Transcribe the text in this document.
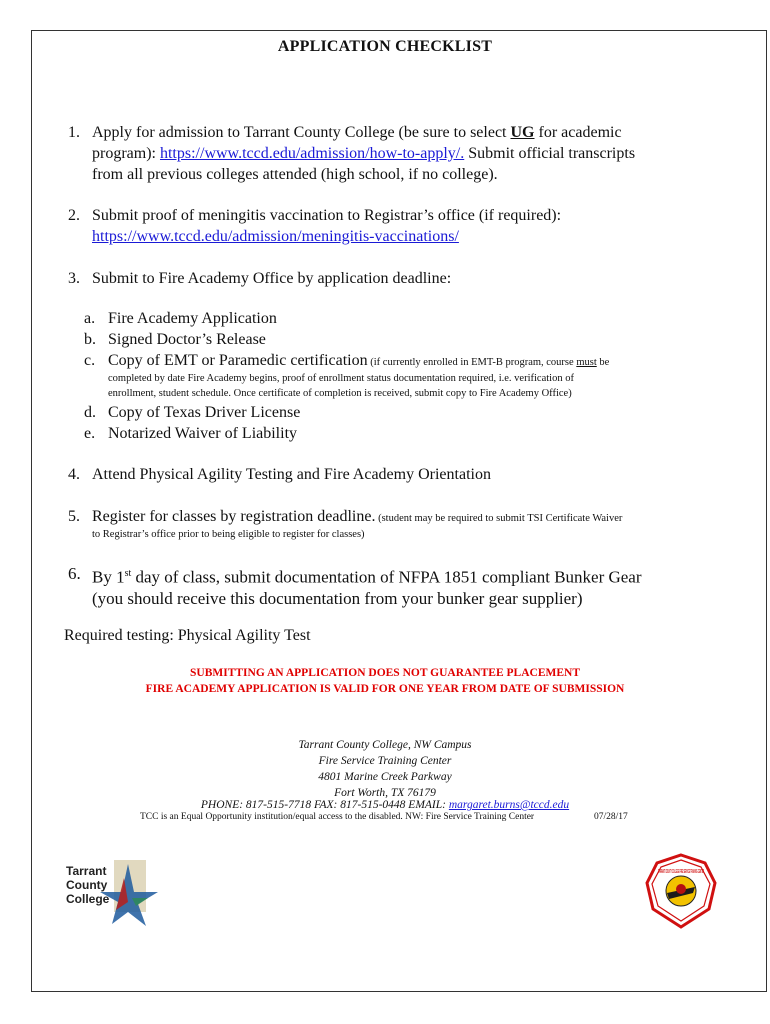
APPLICATION CHECKLIST
1. Apply for admission to Tarrant County College (be sure to select UG for academic
program): https://www.tccd.edu/admission/how-to-apply/. Submit official transcripts
from all previous colleges attended (high school, if no college).
2. Submit proof of meningitis vaccination to Registrar’s office (if required):
https://www.tccd.edu/admission/meningitis-vaccinations/
3. Submit to Fire Academy Office by application deadline:
a. Fire Academy Application
b. Signed Doctor’s Release
c. Copy of EMT or Paramedic certification (if currently enrolled in EMT-B program, course must be
completed by date Fire Academy begins, proof of enrollment status documentation required, i.e. verification of
enrollment, student schedule. Once certificate of completion is received, submit copy to Fire Academy Office)
d. Copy of Texas Driver License
e. Notarized Waiver of Liability
4. Attend Physical Agility Testing and Fire Academy Orientation
5. Register for classes by registration deadline. (student may be required to submit TSI Certificate Waiver
to Registrar’s office prior to being eligible to register for classes)
6. By 1st day of class, submit documentation of NFPA 1851 compliant Bunker Gear
(you should receive this documentation from your bunker gear supplier)
Required testing: Physical Agility Test
SUBMITTING AN APPLICATION DOES NOT GUARANTEE PLACEMENT
FIRE ACADEMY APPLICATION IS VALID FOR ONE YEAR FROM DATE OF SUBMISSION
Tarrant County College, NW Campus
Fire Service Training Center
4801 Marine Creek Parkway
Fort Worth, TX 76179
PHONE: 817-515-7718 FAX: 817-515-0448 EMAIL: margaret.burns@tccd.edu
TCC is an Equal Opportunity institution/equal access to the disabled. NW: Fire Service Training Center	07/28/17
Tarrant
County
College
TARRANT COUNTY COLLEGE FIRE SERVICE TRAINING CENTER
